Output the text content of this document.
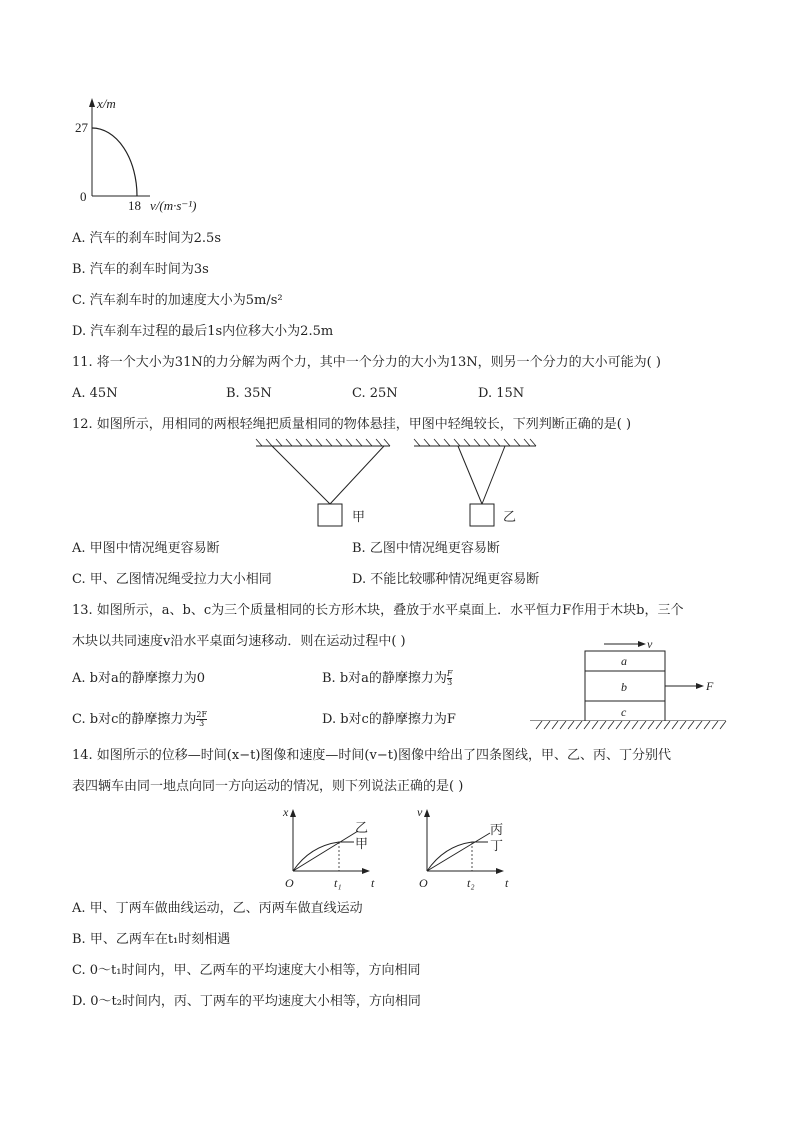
x/m
27
0
18 v/(m·s⁻¹)
A. 汽车的刹车时间为2.5s
B. 汽车的刹车时间为3s
C. 汽车刹车时的加速度大小为5m/s²
D. 汽车刹车过程的最后1s内位移大小为2.5m
11. 将一个大小为31N的力分解为两个力，其中一个分力的大小为13N，则另一个分力的大小可能为( )
A. 45N	B. 35N	C. 25N	D. 15N
12. 如图所示，用相同的两根轻绳把质量相同的物体悬挂，甲图中轻绳较长，下列判断正确的是( )
甲	乙
A. 甲图中情况绳更容易断	B. 乙图中情况绳更容易断
C. 甲、乙图情况绳受拉力大小相同	D. 不能比较哪种情况绳更容易断
13. 如图所示，a、b、c为三个质量相同的长方形木块，叠放于水平桌面上．水平恒力F作用于木块b，三个
木块以共同速度v沿水平桌面匀速移动．则在运动过程中( )
A. b对a的静摩擦力为0	B. b对a的静摩擦力为 $\frac{F}{3}$
C. b对c的静摩擦力为 $\frac{2F}{3}$	D. b对c的静摩擦力为F
v
a
b
c
F
14. 如图所示的位移—时间(x−t)图像和速度—时间(v−t)图像中给出了四条图线，甲、乙、丙、丁分别代
表四辆车由同一地点向同一方向运动的情况，则下列说法正确的是( )
x
t
O	t₁
乙
甲
v
t
O	t₂
丙
丁
A. 甲、丁两车做曲线运动，乙、丙两车做直线运动
B. 甲、乙两车在t₁时刻相遇
C. 0～t₁时间内，甲、乙两车的平均速度大小相等，方向相同
D. 0～t₂时间内，丙、丁两车的平均速度大小相等，方向相同
